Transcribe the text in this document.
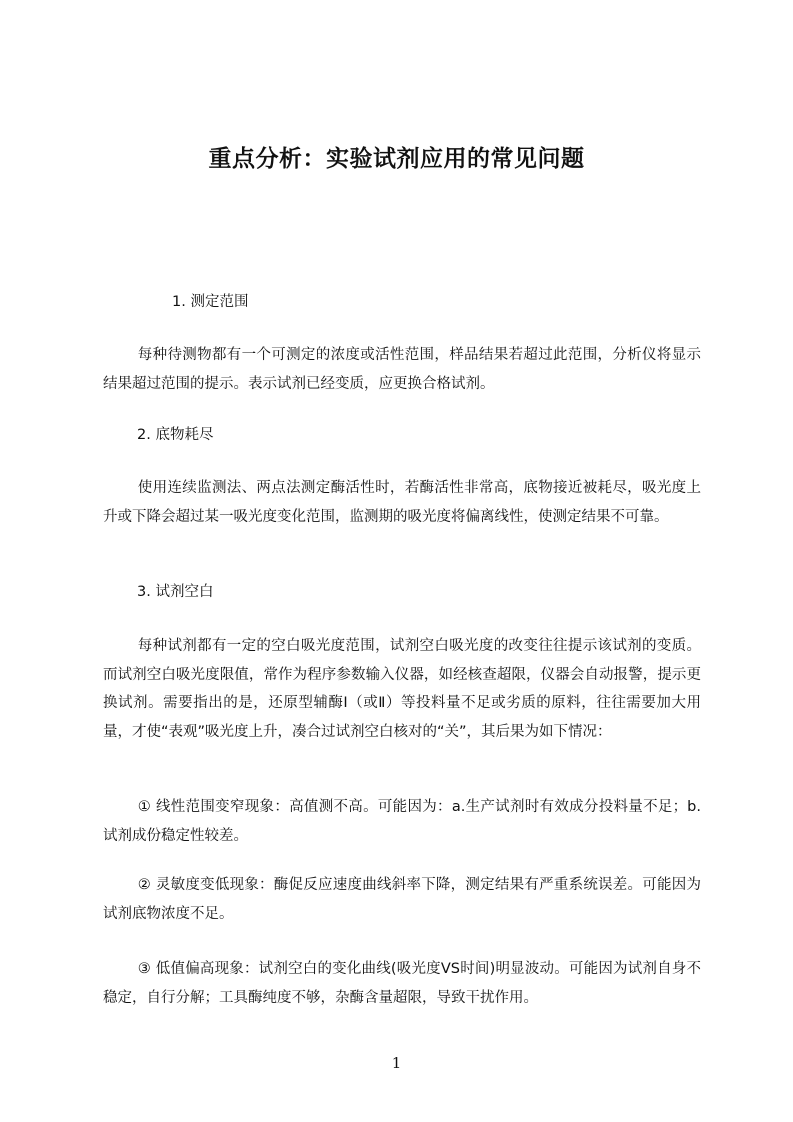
重点分析：实验试剂应用的常见问题
1. 测定范围
每种待测物都有一个可测定的浓度或活性范围，样品结果若超过此范围，分析仪将显示结果超过范围的提示。表示试剂已经变质，应更换合格试剂。
2. 底物耗尽
使用连续监测法、两点法测定酶活性时，若酶活性非常高，底物接近被耗尽，吸光度上升或下降会超过某一吸光度变化范围，监测期的吸光度将偏离线性，使测定结果不可靠。
3. 试剂空白
每种试剂都有一定的空白吸光度范围，试剂空白吸光度的改变往往提示该试剂的变质。而试剂空白吸光度限值，常作为程序参数输入仪器，如经核查超限，仪器会自动报警，提示更换试剂。需要指出的是，还原型辅酶Ⅰ（或Ⅱ）等投料量不足或劣质的原料，往往需要加大用量，才使“表观”吸光度上升，凑合过试剂空白核对的“关”，其后果为如下情况：
① 线性范围变窄现象：高值测不高。可能因为：a.生产试剂时有效成分投料量不足；b.试剂成份稳定性较差。
② 灵敏度变低现象：酶促反应速度曲线斜率下降，测定结果有严重系统误差。可能因为试剂底物浓度不足。
③ 低值偏高现象：试剂空白的变化曲线(吸光度VS时间)明显波动。可能因为试剂自身不稳定，自行分解；工具酶纯度不够，杂酶含量超限，导致干扰作用。
1
